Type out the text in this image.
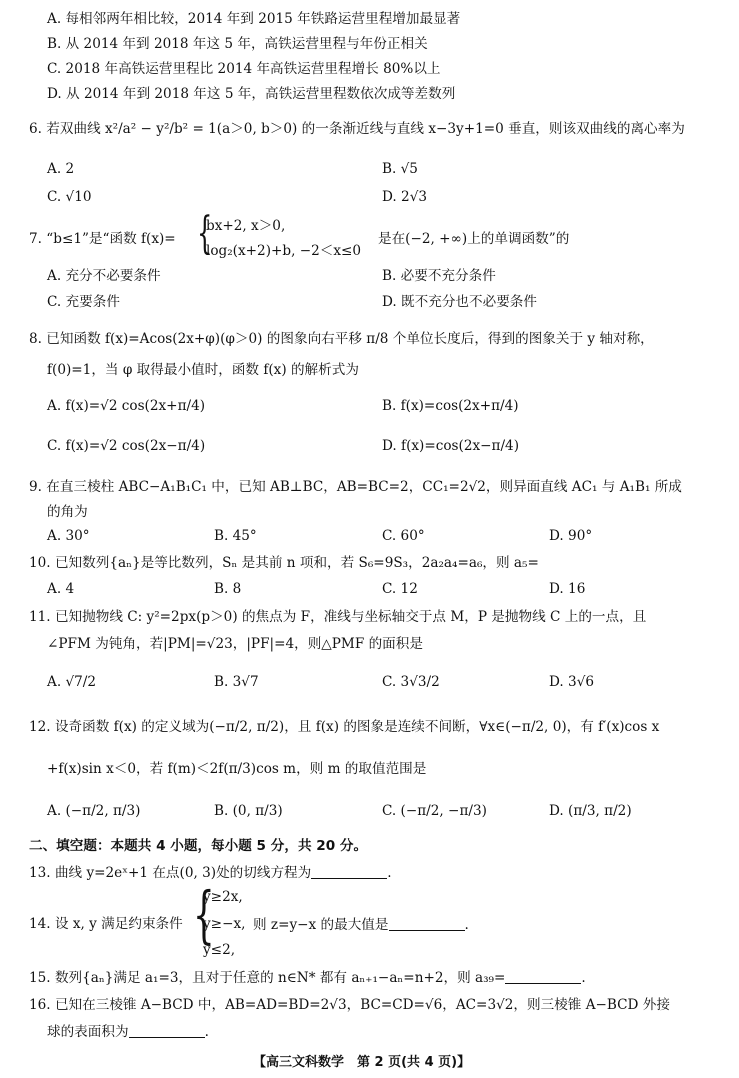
A. 每相邻两年相比较，2014 年到 2015 年铁路运营里程增加最显著
B. 从 2014 年到 2018 年这 5 年，高铁运营里程与年份正相关
C. 2018 年高铁运营里程比 2014 年高铁运营里程增长 80%以上
D. 从 2014 年到 2018 年这 5 年，高铁运营里程数依次成等差数列
6. 若双曲线 x²/a² − y²/b² = 1(a＞0, b＞0) 的一条渐近线与直线 x−3y+1=0 垂直，则该双曲线的离心率为
A. 2	B. √5
C. √10	D. 2√3
7. “b≤1”是“函数 f(x)= {
bx+2, x＞0,
log₂(x+2)+b, −2＜x≤0
是在(−2, +∞)上的单调函数”的
A. 充分不必要条件	B. 必要不充分条件
C. 充要条件	D. 既不充分也不必要条件
8. 已知函数 f(x)=Acos(2x+φ)(φ＞0) 的图象向右平移 π/8 个单位长度后，得到的图象关于 y 轴对称，
f(0)=1，当 φ 取得最小值时，函数 f(x) 的解析式为
A. f(x)=√2 cos(2x+π/4)	B. f(x)=cos(2x+π/4)
C. f(x)=√2 cos(2x−π/4)	D. f(x)=cos(2x−π/4)
9. 在直三棱柱 ABC−A₁B₁C₁ 中，已知 AB⊥BC，AB=BC=2，CC₁=2√2，则异面直线 AC₁ 与 A₁B₁ 所成
的角为
A. 30°	B. 45°	C. 60°	D. 90°
10. 已知数列{aₙ}是等比数列，Sₙ 是其前 n 项和，若 S₆=9S₃，2a₂a₄=a₆，则 a₅=
A. 4	B. 8	C. 12	D. 16
11. 已知抛物线 C: y²=2px(p＞0) 的焦点为 F，准线与坐标轴交于点 M，P 是抛物线 C 上的一点，且
∠PFM 为钝角，若|PM|=√23，|PF|=4，则△PMF 的面积是
A. √7/2	B. 3√7	C. 3√3/2	D. 3√6
12. 设奇函数 f(x) 的定义域为(−π/2, π/2)，且 f(x) 的图象是连续不间断，∀x∈(−π/2, 0)，有 f′(x)cos x
+f(x)sin x＜0，若 f(m)＜2f(π/3)cos m，则 m 的取值范围是
A. (−π/2, π/3)	B. (0, π/3)	C. (−π/2, −π/3)	D. (π/3, π/2)
二、填空题：本题共 4 小题，每小题 5 分，共 20 分。
13. 曲线 y=2eˣ+1 在点(0, 3)处的切线方程为	.
14. 设 x, y 满足约束条件 {
y≥2x,
y≥−x,
y≤2,
则 z=y−x 的最大值是	.
15. 数列{aₙ}满足 a₁=3，且对于任意的 n∈N* 都有 aₙ₊₁−aₙ=n+2，则 a₃₉=	.
16. 已知在三棱锥 A−BCD 中，AB=AD=BD=2√3，BC=CD=√6，AC=3√2，则三棱锥 A−BCD 外接
球的表面积为	.
【高三文科数学　第 2 页(共 4 页)】
